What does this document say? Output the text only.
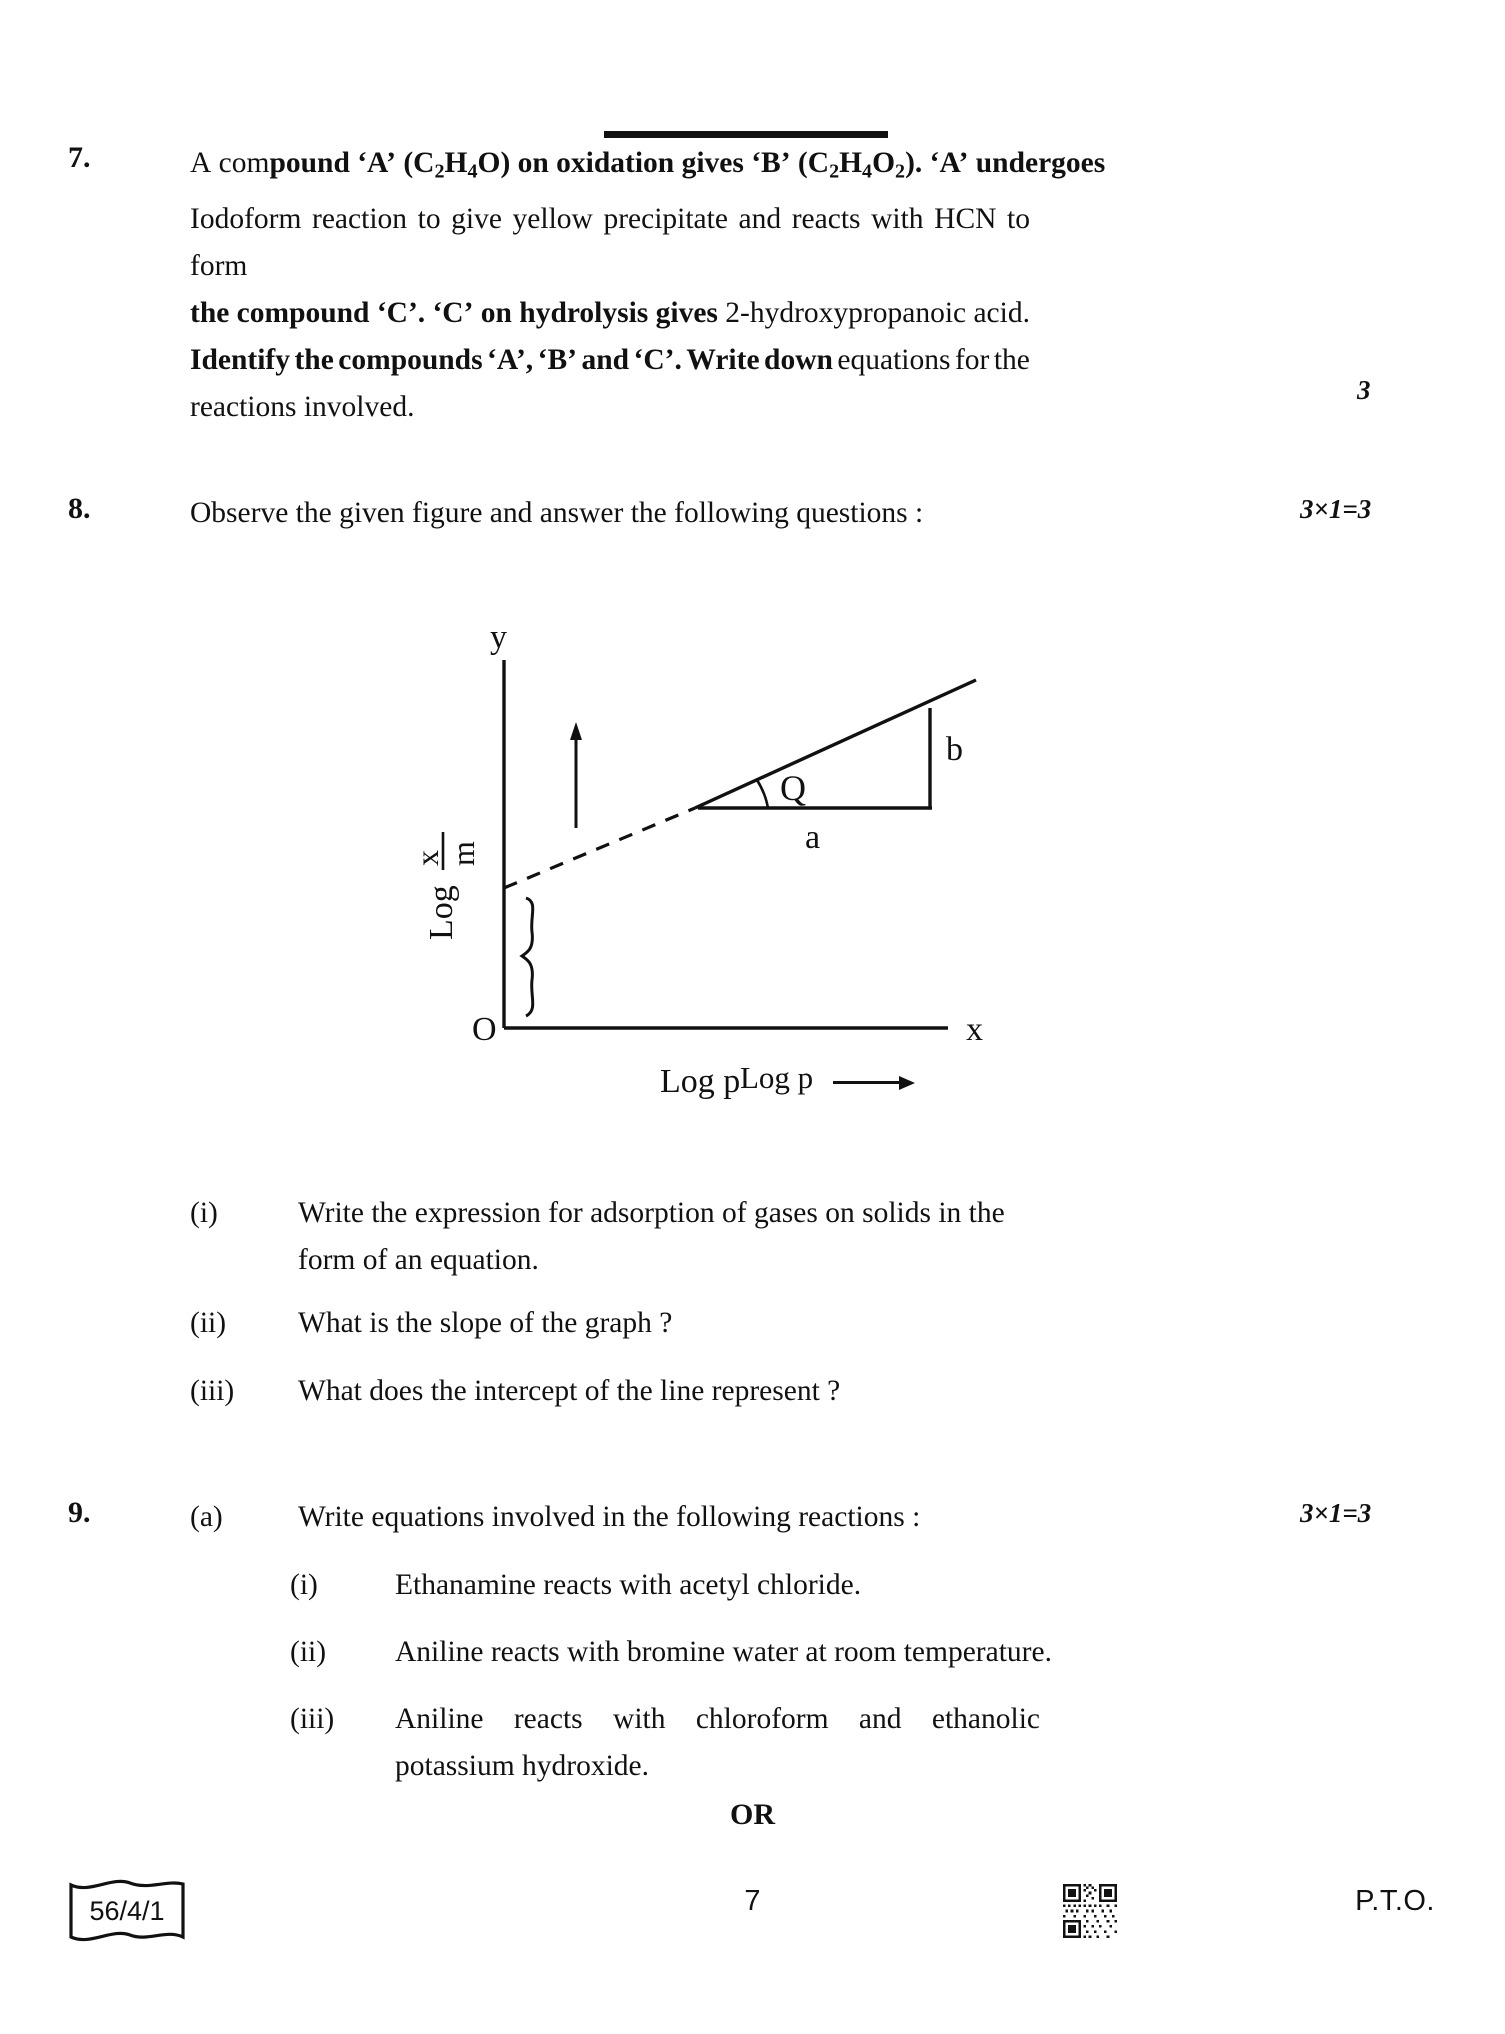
7.	A compound ‘A’ $(C_2H_4O)$ on oxidation gives ‘B’ $(C_2H_4O_2)$. ‘A’ undergoes
Iodoform reaction to give yellow precipitate and reacts with HCN to form
the compound ‘C’. ‘C’ on hydrolysis gives 2-hydroxypropanoic acid.
Identify the compounds ‘A’, ‘B’ and ‘C’. Write down equations for the
reactions involved.
3
8.	Observe the given figure and answer the following questions :	3×1=3
y
x
O
Q
a
b
Log
x m
Log p Log p
(i)	Write the expression for adsorption of gases on solids in the form of an equation.
(ii) What is the slope of the graph ?
(iii) What does the intercept of the line represent ?
9.	(a)	Write equations involved in the following reactions :	3×1=3
(i)	Ethanamine reacts with acetyl chloride.
(ii) Aniline reacts with bromine water at room temperature.
(iii) Aniline reacts with chloroform and ethanolic potassium hydroxide.
OR
56/4/1	7	P.T.O.
